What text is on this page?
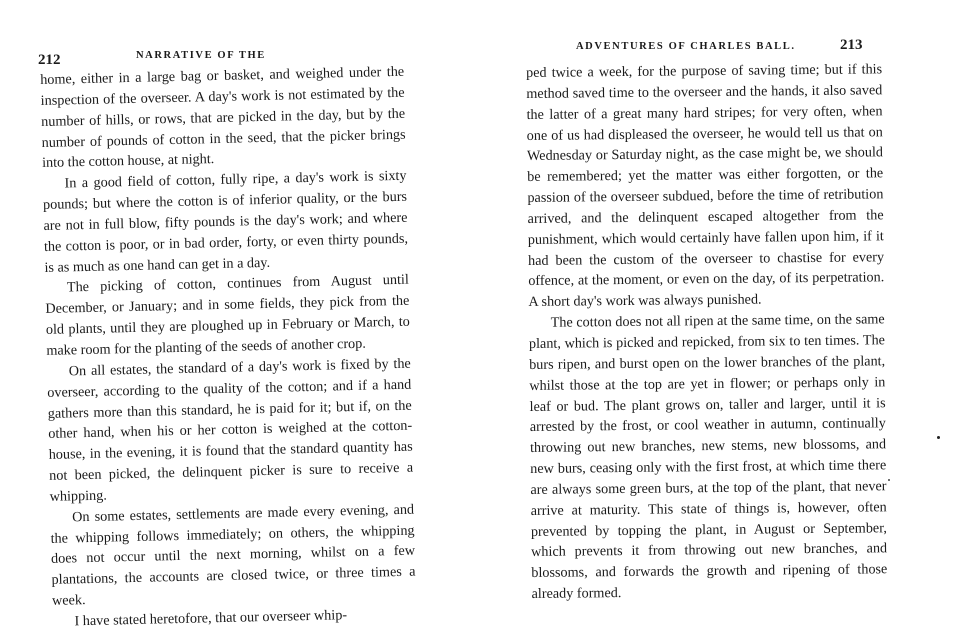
212	NARRATIVE OF THE

home, either in a large bag or basket, and weighed under the inspection of the overseer. A day's work is not estimated by the number of hills, or rows, that are picked in the day, but by the number of pounds of cotton in the seed, that the picker brings into the cotton house, at night.

In a good field of cotton, fully ripe, a day's work is sixty pounds; but where the cotton is of inferior quality, or the burs are not in full blow, fifty pounds is the day's work; and where the cotton is poor, or in bad order, forty, or even thirty pounds, is as much as one hand can get in a day.

The picking of cotton, continues from August until December, or January; and in some fields, they pick from the old plants, until they are ploughed up in February or March, to make room for the planting of the seeds of another crop.

On all estates, the standard of a day's work is fixed by the overseer, according to the quality of the cotton; and if a hand gathers more than this standard, he is paid for it; but if, on the other hand, when his or her cotton is weighed at the cotton-house, in the evening, it is found that the standard quantity has not been picked, the delinquent picker is sure to receive a whipping.

On some estates, settlements are made every evening, and the whipping follows immediately; on others, the whipping does not occur until the next morning, whilst on a few plantations, the accounts are closed twice, or three times a week.

I have stated heretofore, that our overseer whip-

ADVENTURES OF CHARLES BALL.	213

ped twice a week, for the purpose of saving time; but if this method saved time to the overseer and the hands, it also saved the latter of a great many hard stripes; for very often, when one of us had displeased the overseer, he would tell us that on Wednesday or Saturday night, as the case might be, we should be remembered; yet the matter was either forgotten, or the passion of the overseer subdued, before the time of retribution arrived, and the delinquent escaped altogether from the punishment, which would certainly have fallen upon him, if it had been the custom of the overseer to chastise for every offence, at the moment, or even on the day, of its perpetration. A short day's work was always punished.

The cotton does not all ripen at the same time, on the same plant, which is picked and repicked, from six to ten times. The burs ripen, and burst open on the lower branches of the plant, whilst those at the top are yet in flower; or perhaps only in leaf or bud. The plant grows on, taller and larger, until it is arrested by the frost, or cool weather in autumn, continually throwing out new branches, new stems, new blossoms, and new burs, ceasing only with the first frost, at which time there are always some green burs, at the top of the plant, that never arrive at maturity. This state of things is, however, often prevented by topping the plant, in August or September, which prevents it from throwing out new branches, and blossoms, and forwards the growth and ripening of those already formed.
